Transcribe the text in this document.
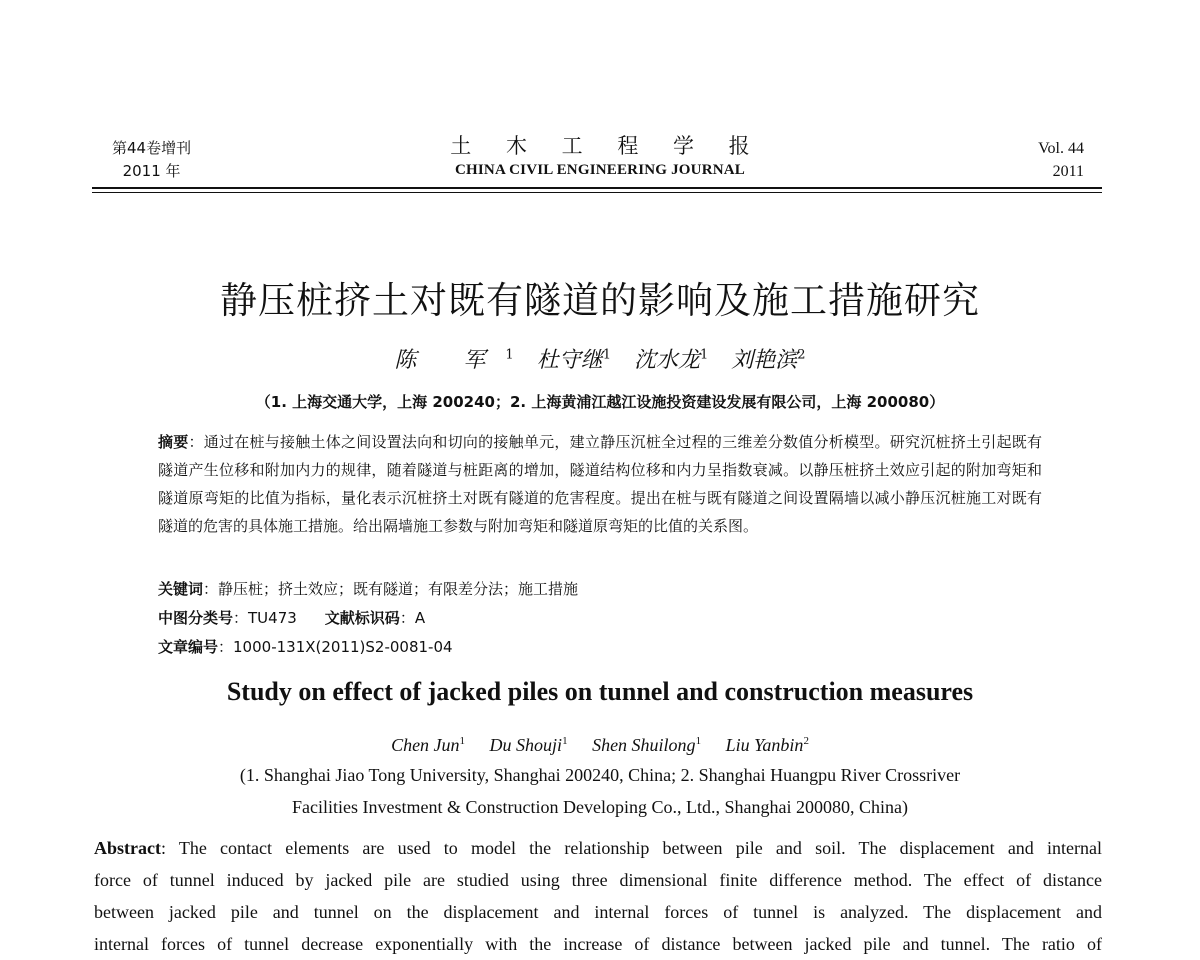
第44卷增刊
2011 年
土 木 工 程 学 报
CHINA CIVIL ENGINEERING JOURNAL
Vol. 44
2011
静压桩挤土对既有隧道的影响及施工措施研究
陈 军$^1$ 杜守继$^1$ 沈水龙$^1$ 刘艳滨$^2$
（1. 上海交通大学，上海 200240；2. 上海黄浦江越江设施投资建设发展有限公司，上海 200080）
摘要：通过在桩与接触土体之间设置法向和切向的接触单元，建立静压沉桩全过程的三维差分数值分析模型。研究沉桩挤土引起既有隧道产生位移和附加内力的规律，随着隧道与桩距离的增加，隧道结构位移和内力呈指数衰减。以静压桩挤土效应引起的附加弯矩和隧道原弯矩的比值为指标，量化表示沉桩挤土对既有隧道的危害程度。提出在桩与既有隧道之间设置隔墙以减小静压沉桩施工对既有隧道的危害的具体施工措施。给出隔墙施工参数与附加弯矩和隧道原弯矩的比值的关系图。
关键词：静压桩；挤土效应；既有隧道；有限差分法；施工措施
中图分类号：TU473 文献标识码：A
文章编号：1000-131X(2011)S2-0081-04
Study on effect of jacked piles on tunnel and construction measures
Chen Jun$^1$ Du Shouji$^1$ Shen Shuilong$^1$ Liu Yanbin$^2$
(1. Shanghai Jiao Tong University, Shanghai 200240, China; 2. Shanghai Huangpu River Crossriver
Facilities Investment & Construction Developing Co., Ltd., Shanghai 200080, China)
Abstract: The contact elements are used to model the relationship between pile and soil. The displacement and internal
force of tunnel induced by jacked pile are studied using three dimensional finite difference method. The effect of distance
between jacked pile and tunnel on the displacement and internal forces of tunnel is analyzed. The displacement and
internal forces of tunnel decrease exponentially with the increase of distance between jacked pile and tunnel. The ratio of
